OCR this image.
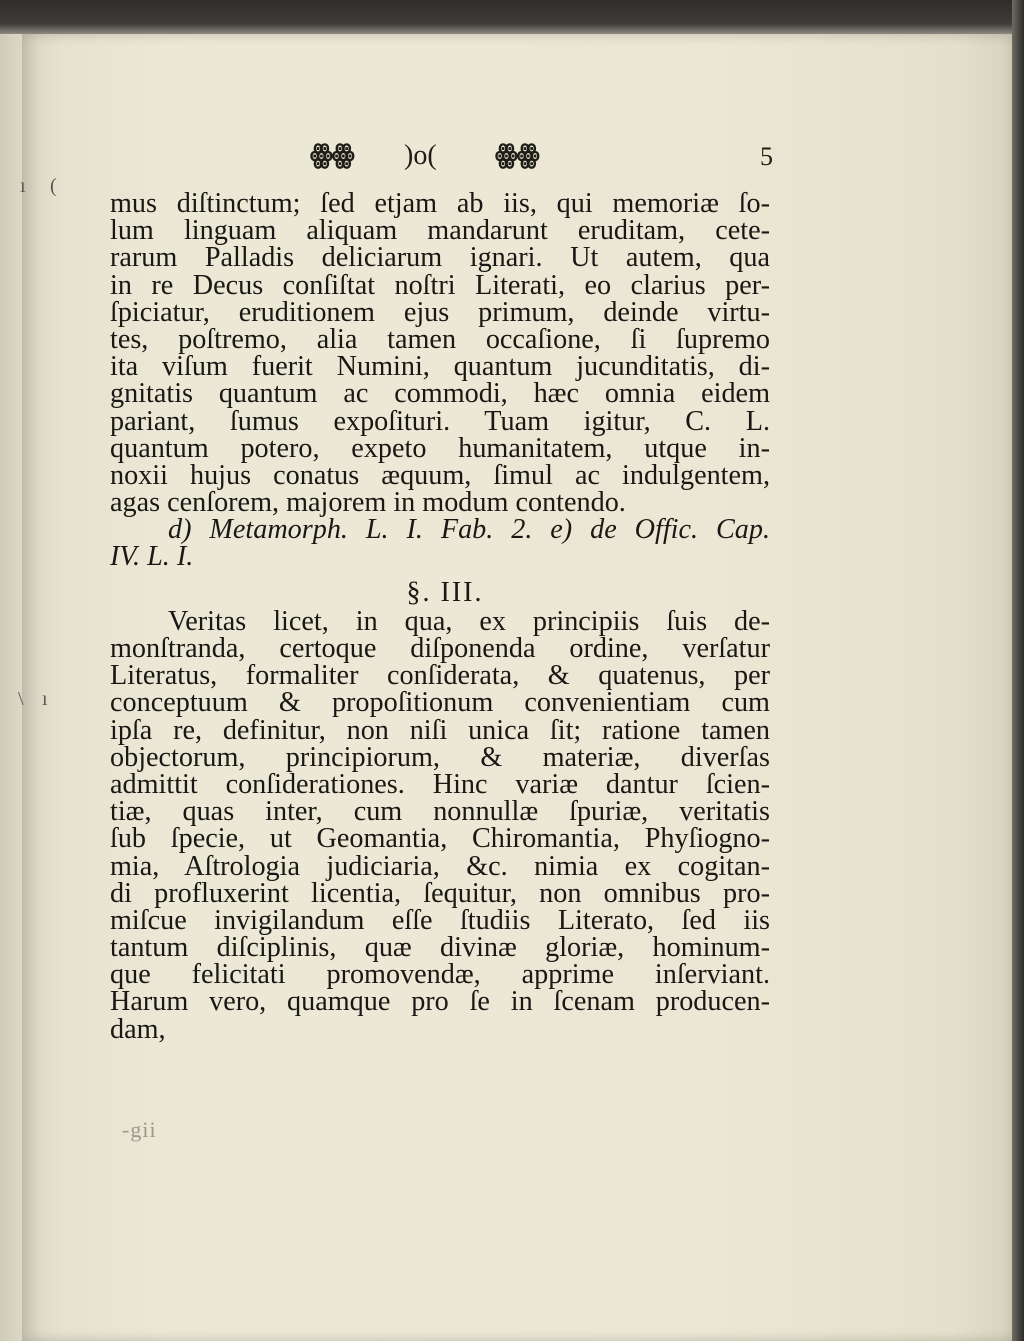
ı (
\ ı
ꙮꙮ )o( ꙮꙮ	5
mus diſtinctum; ſed etjam ab iis, qui memoriæ ſo-
lum linguam aliquam mandarunt eruditam, cete-
rarum Palladis deliciarum ignari. Ut autem, qua
in re Decus conſiſtat noſtri Literati, eo clarius per-
ſpiciatur, eruditionem ejus primum, deinde virtu-
tes, poſtremo, alia tamen occaſione, ſi ſupremo
ita viſum fuerit Numini, quantum jucunditatis, di-
gnitatis quantum ac commodi, hæc omnia eidem
pariant, ſumus expoſituri. Tuam igitur, C. L.
quantum potero, expeto humanitatem, utque in-
noxii hujus conatus æquum, ſimul ac indulgentem,
agas cenſorem, majorem in modum contendo.
d) Metamorph. L. I. Fab. 2. e) de Offic. Cap.
IV. L. I.
§. III.
Veritas licet, in qua, ex principiis ſuis de-
monſtranda, certoque diſponenda ordine, verſatur
Literatus, formaliter conſiderata, & quatenus, per
conceptuum & propoſitionum convenientiam cum
ipſa re, definitur, non niſi unica ſit; ratione tamen
objectorum, principiorum, & materiæ, diverſas
admittit conſiderationes. Hinc variæ dantur ſcien-
tiæ, quas inter, cum nonnullæ ſpuriæ, veritatis
ſub ſpecie, ut Geomantia, Chiromantia, Phyſiogno-
mia, Aſtrologia judiciaria, &c. nimia ex cogitan-
di profluxerint licentia, ſequitur, non omnibus pro-
miſcue invigilandum eſſe ſtudiis Literato, ſed iis
tantum diſciplinis, quæ divinæ gloriæ, hominum-
que felicitati promovendæ, apprime inſerviant.
Harum vero, quamque pro ſe in ſcenam producen-
dam,
-gii
